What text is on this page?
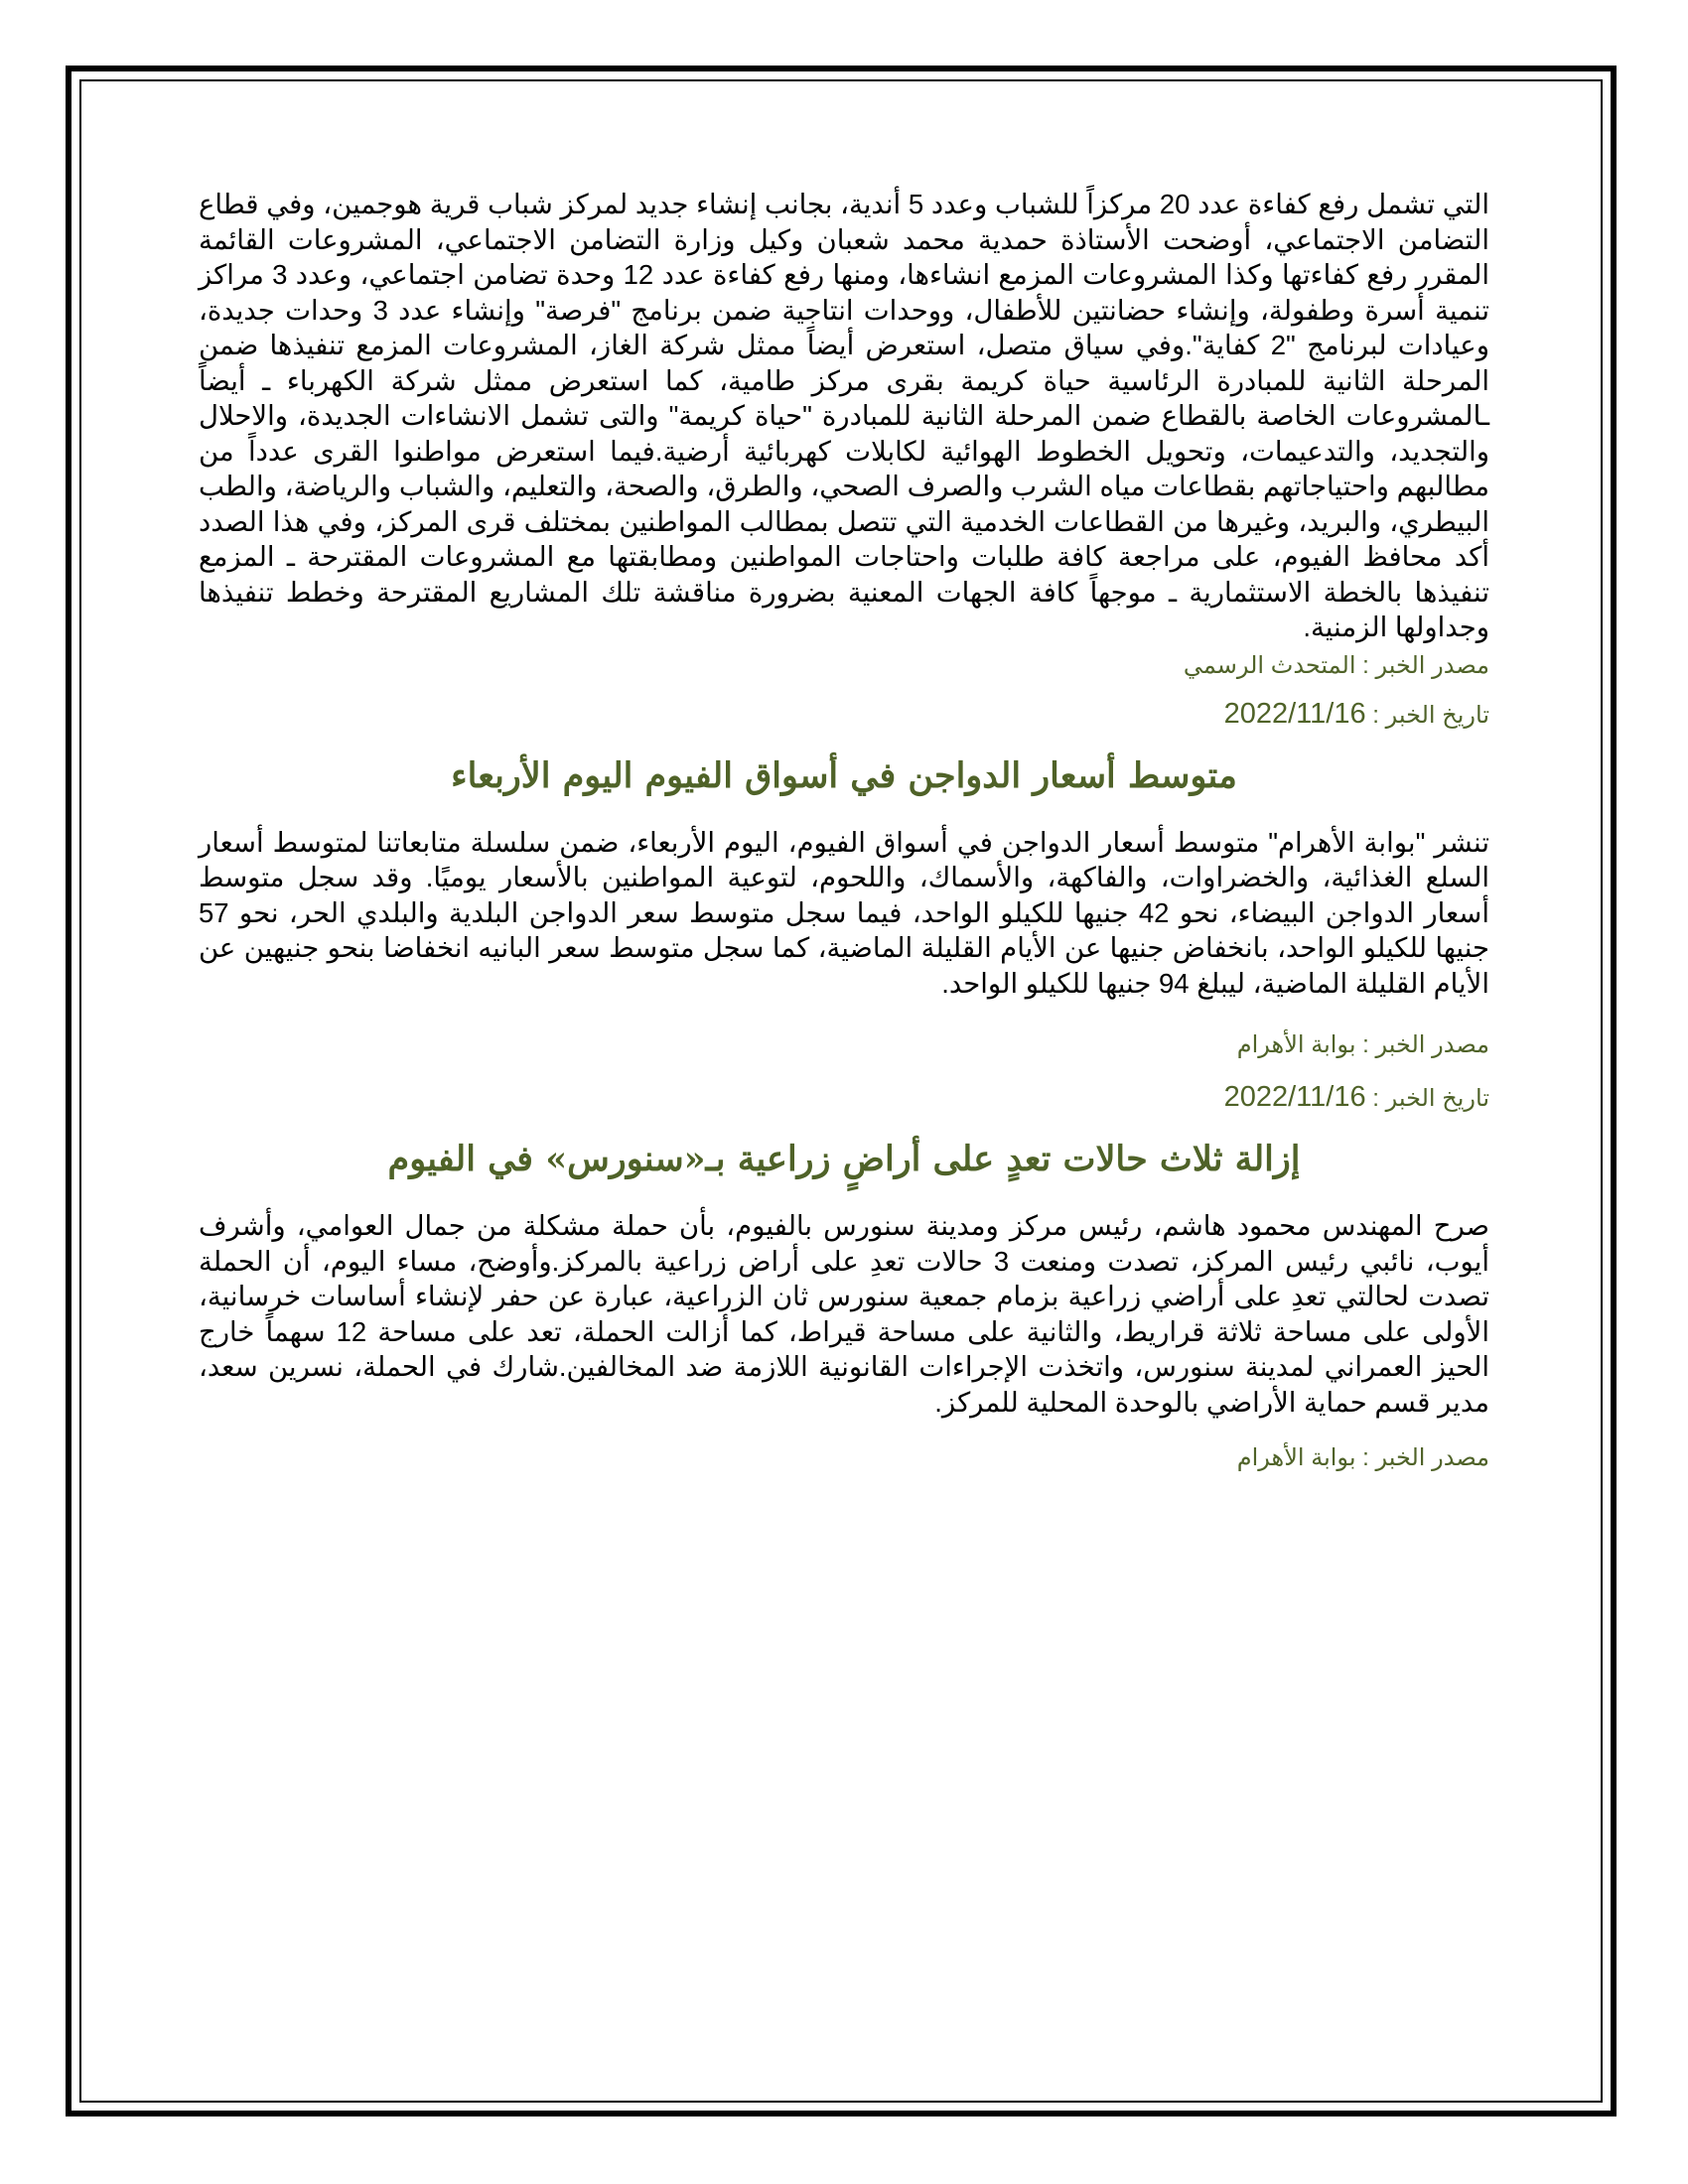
التي تشمل رفع كفاءة عدد 20 مركزاً للشباب وعدد 5 أندية، بجانب إنشاء جديد لمركز شباب قرية هوجمين، وفي قطاع التضامن الاجتماعي، أوضحت الأستاذة حمدية محمد شعبان وكيل وزارة التضامن الاجتماعي، المشروعات القائمة المقرر رفع كفاءتها وكذا المشروعات المزمع انشاءها، ومنها رفع كفاءة عدد 12 وحدة تضامن اجتماعي، وعدد 3 مراكز تنمية أسرة وطفولة، وإنشاء حضانتين للأطفال، ووحدات انتاجية ضمن برنامج "فرصة" وإنشاء عدد 3 وحدات جديدة، وعيادات لبرنامج "2 كفاية".وفي سياق متصل، استعرض أيضاً ممثل شركة الغاز، المشروعات المزمع تنفيذها ضمن المرحلة الثانية للمبادرة الرئاسية حياة كريمة بقرى مركز طامية، كما استعرض ممثل شركة الكهرباء ـ أيضاً ـالمشروعات الخاصة بالقطاع ضمن المرحلة الثانية للمبادرة "حياة كريمة" والتى تشمل الانشاءات الجديدة، والاحلال والتجديد، والتدعيمات، وتحويل الخطوط الهوائية لكابلات كهربائية أرضية.فيما استعرض مواطنوا القرى عدداً من مطالبهم واحتياجاتهم بقطاعات مياه الشرب والصرف الصحي، والطرق، والصحة، والتعليم، والشباب والرياضة، والطب البيطري، والبريد، وغيرها من القطاعات الخدمية التي تتصل بمطالب المواطنين بمختلف قرى المركز، وفي هذا الصدد أكد محافظ الفيوم، على مراجعة كافة طلبات واحتاجات المواطنين ومطابقتها مع المشروعات المقترحة ـ المزمع تنفيذها بالخطة الاستثمارية ـ موجهاً كافة الجهات المعنية بضرورة مناقشة تلك المشاريع المقترحة وخطط تنفيذها وجداولها الزمنية.

مصدر الخبر : المتحدث الرسمي

تاريخ الخبر : 2022/11/16

متوسط أسعار الدواجن في أسواق الفيوم اليوم الأربعاء

تنشر "بوابة الأهرام" متوسط أسعار الدواجن في أسواق الفيوم، اليوم الأربعاء، ضمن سلسلة متابعاتنا لمتوسط أسعار السلع الغذائية، والخضراوات، والفاكهة، والأسماك، واللحوم، لتوعية المواطنين بالأسعار يوميًا. وقد سجل متوسط أسعار الدواجن البيضاء، نحو 42 جنيها للكيلو الواحد، فيما سجل متوسط سعر الدواجن البلدية والبلدي الحر، نحو 57 جنيها للكيلو الواحد، بانخفاض جنيها عن الأيام القليلة الماضية، كما سجل متوسط سعر البانيه انخفاضا بنحو جنيهين عن الأيام القليلة الماضية، ليبلغ 94 جنيها للكيلو الواحد.

مصدر الخبر : بوابة الأهرام

تاريخ الخبر : 2022/11/16

إزالة ثلاث حالات تعدٍ على أراضٍ زراعية بـ«سنورس» في الفيوم

صرح المهندس محمود هاشم، رئيس مركز ومدينة سنورس بالفيوم، بأن حملة مشكلة من جمال العوامي، وأشرف أيوب، نائبي رئيس المركز، تصدت ومنعت 3 حالات تعدِ على أراض زراعية بالمركز.وأوضح، مساء اليوم، أن الحملة تصدت لحالتي تعدِ على أراضي زراعية بزمام جمعية سنورس ثان الزراعية، عبارة عن حفر لإنشاء أساسات خرسانية، الأولى على مساحة ثلاثة قراريط، والثانية على مساحة قيراط، كما أزالت الحملة، تعد على مساحة 12 سهماً خارج الحيز العمراني لمدينة سنورس، واتخذت الإجراءات القانونية اللازمة ضد المخالفين.شارك في الحملة، نسرين سعد، مدير قسم حماية الأراضي بالوحدة المحلية للمركز.

مصدر الخبر : بوابة الأهرام
